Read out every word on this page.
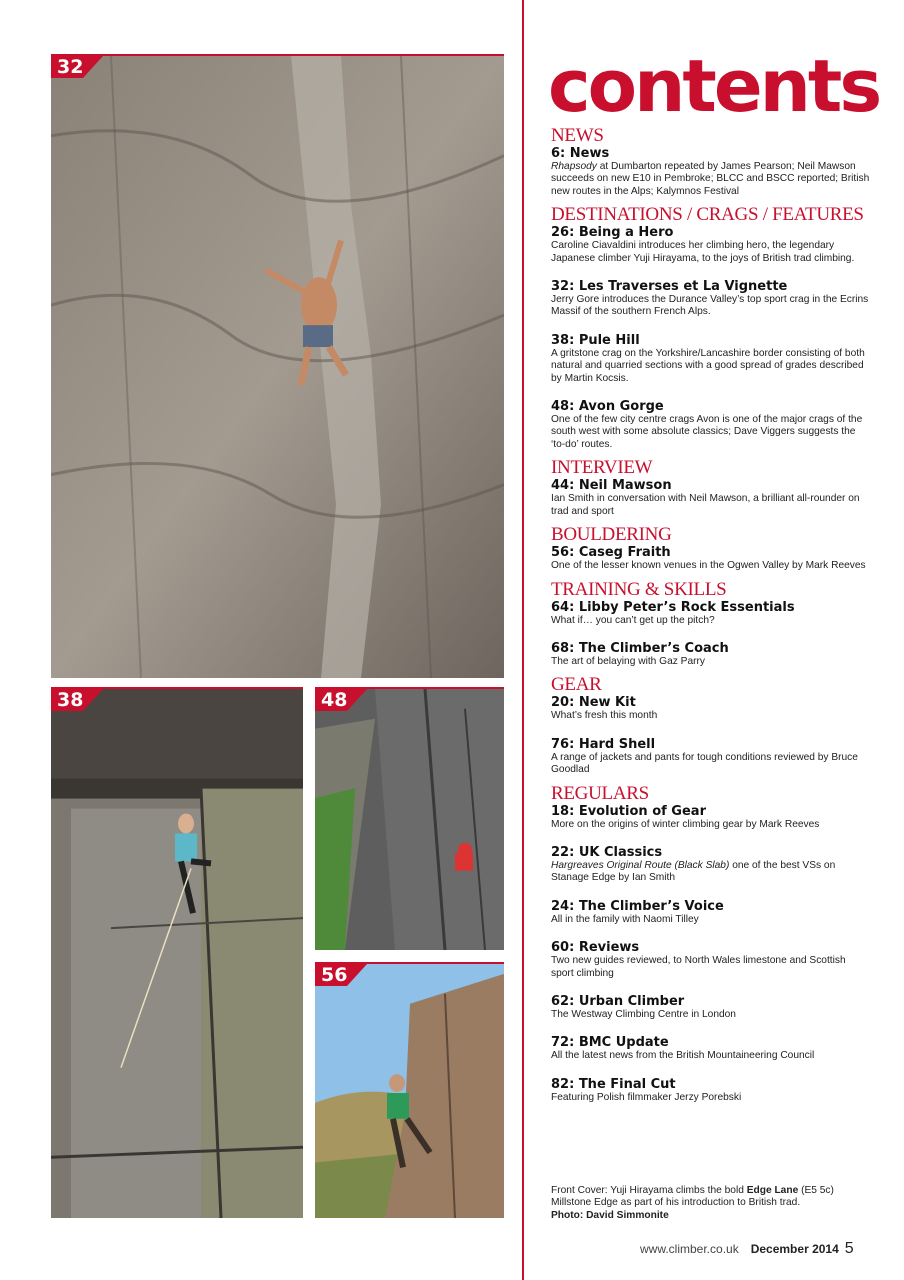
32
38	48
56
contents
NEWS
6: News
Rhapsody at Dumbarton repeated by James Pearson; Neil Mawson succeeds on new E10 in Pembroke; BLCC and BSCC reported; British new routes in the Alps; Kalymnos Festival
DESTINATIONS / CRAGS / FEATURES
26: Being a Hero
Caroline Ciavaldini introduces her climbing hero, the legendary Japanese climber Yuji Hirayama, to the joys of British trad climbing.
32: Les Traverses et La Vignette
Jerry Gore introduces the Durance Valley’s top sport crag in the Ecrins Massif of the southern French Alps.
38: Pule Hill
A gritstone crag on the Yorkshire/Lancashire border consisting of both natural and quarried sections with a good spread of grades described by Martin Kocsis.
48: Avon Gorge
One of the few city centre crags Avon is one of the major crags of the south west with some absolute classics; Dave Viggers suggests the ‘to-do’ routes.
INTERVIEW
44: Neil Mawson
Ian Smith in conversation with Neil Mawson, a brilliant all-rounder on trad and sport
BOULDERING
56: Caseg Fraith
One of the lesser known venues in the Ogwen Valley by Mark Reeves
TRAINING & SKILLS
64: Libby Peter’s Rock Essentials
What if… you can’t get up the pitch?
68: The Climber’s Coach
The art of belaying with Gaz Parry
GEAR
20: New Kit
What’s fresh this month
76: Hard Shell
A range of jackets and pants for tough conditions reviewed by Bruce Goodlad
REGULARS
18: Evolution of Gear
More on the origins of winter climbing gear by Mark Reeves
22: UK Classics
Hargreaves Original Route (Black Slab) one of the best VSs on Stanage Edge by Ian Smith
24: The Climber’s Voice
All in the family with Naomi Tilley
60: Reviews
Two new guides reviewed, to North Wales limestone and Scottish sport climbing
62: Urban Climber
The Westway Climbing Centre in London
72: BMC Update
All the latest news from the British Mountaineering Council
82: The Final Cut
Featuring Polish filmmaker Jerzy Porebski
Front Cover: Yuji Hirayama climbs the bold Edge Lane (E5 5c) Millstone Edge as part of his introduction to British trad.
Photo: David Simmonite
www.climber.co.uk December 2014 5
